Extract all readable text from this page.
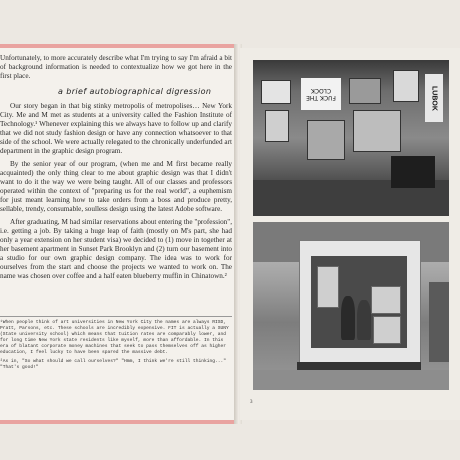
Unfortunately, to more accurately describe what I'm trying to say I'm afraid a bit of background information is needed to contextualize how we got here in the first place.

a brief autobiographical digression

Our story began in that big stinky metropolis of metropolises… New York City. Me and M met as students at a university called the Fashion Institute of Technology.¹ Whenever explaining this we always have to follow up and clarify that we did not study fashion design or have any connection whatsoever to that side of the school. We were actually relegated to the chronically underfunded art department in the graphic design program.

By the senior year of our program, (when me and M first became really acquainted) the only thing clear to me about graphic design was that I didn't want to do it the way we were being taught. All of our classes and professors operated within the context of "preparing us for the real world", a euphemism for just meant learning how to take orders from a boss and produce pretty, sellable, trendy, consumable, soulless design using the latest Adobe software.

After graduating, M had similar reservations about entering the "profession", i.e. getting a job. By taking a huge leap of faith (mostly on M's part, she had only a year extension on her student visa) we decided to (1) move in together at her basement apartment in Sunset Park Brooklyn and (2) turn our basement into a studio for our own graphic design company. The idea was to work for ourselves from the start and choose the projects we wanted to work on. The name was chosen over coffee and a half eaten blueberry muffin in Chinatown.²

¹When people think of art universities in New York City the names are always RISD, Pratt, Parsons, etc. These schools are incredibly expensive. FIT is actually a SUNY (State university school) which means that tuition rates are comparably lower, and for long time New York state residents like myself, more than affordable. In this era of blatant corporate money machines that seek to pass themselves off as higher education, I feel lucky to have been spared the massive debt.

²As in, "So what should we call ourselves?" "Hmm, I think we're still thinking..." "That's good!"

FUCK THE CLOCK	LUBOK
3
